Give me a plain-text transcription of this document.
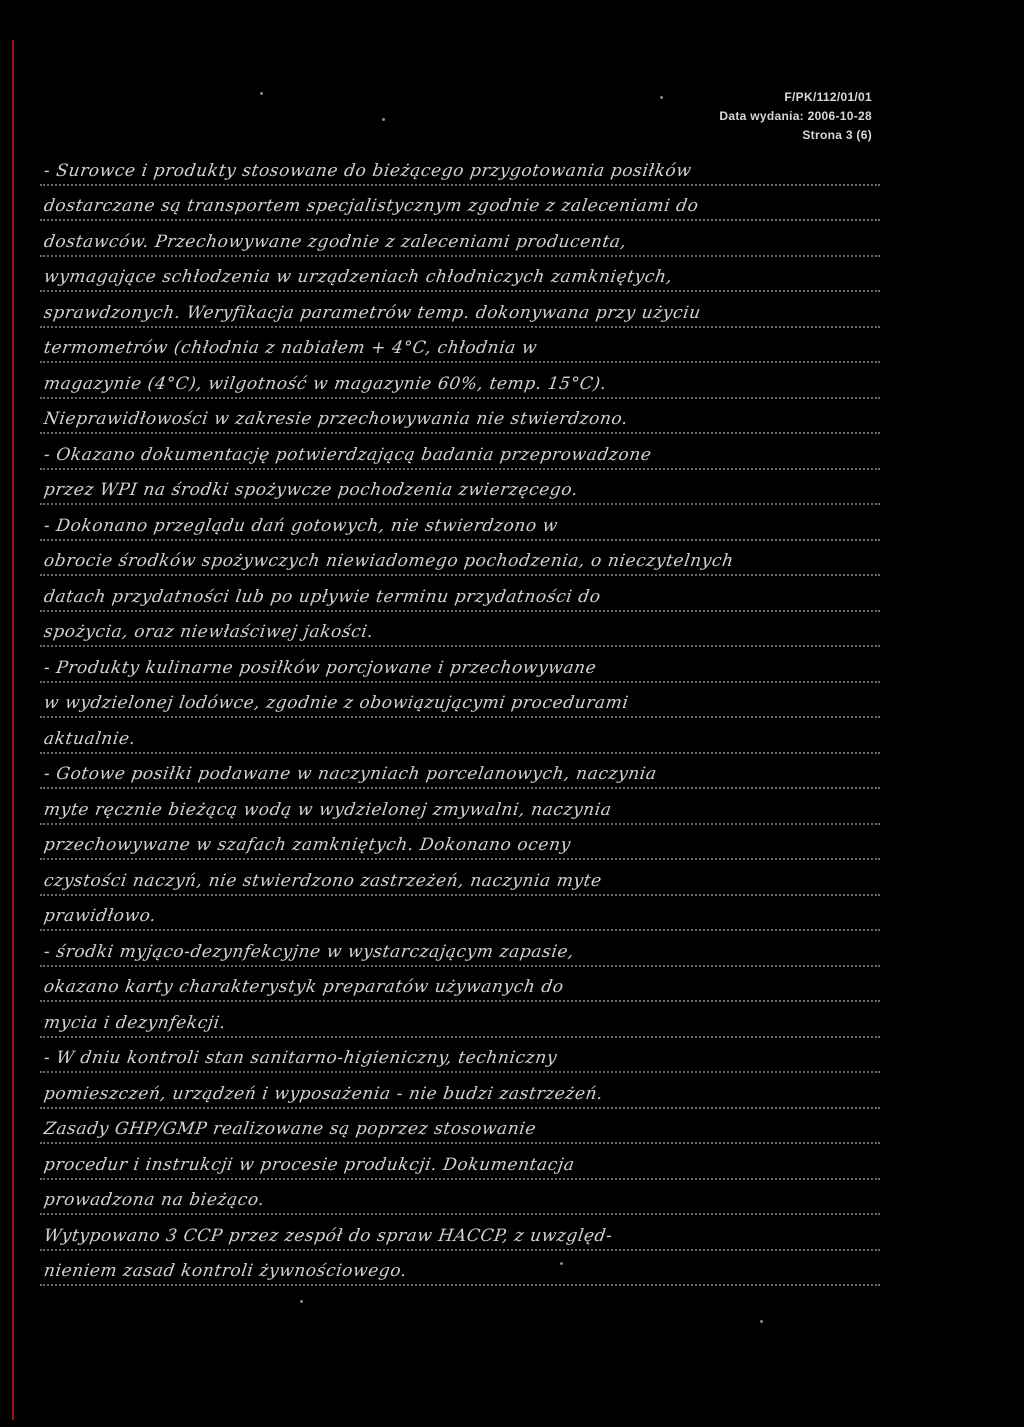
F/PK/112/01/01
Data wydania: 2006-10-28
Strona 3 (6)
- Surowce i produkty stosowane do bieżącego przygotowania posiłków
dostarczane są transportem specjalistycznym zgodnie z zaleceniami do
dostawców. Przechowywane zgodnie z zaleceniami producenta,
wymagające schłodzenia w urządzeniach chłodniczych zamkniętych,
sprawdzonych. Weryfikacja parametrów temp. dokonywana przy użyciu
termometrów (chłodnia z nabiałem + 4°C, chłodnia w
magazynie (4°C), wilgotność w magazynie 60%, temp. 15°C).
Nieprawidłowości w zakresie przechowywania nie stwierdzono.
- Okazano dokumentację potwierdzającą badania przeprowadzone
przez WPI na środki spożywcze pochodzenia zwierzęcego.
- Dokonano przeglądu dań gotowych, nie stwierdzono w
obrocie środków spożywczych niewiadomego pochodzenia, o nieczytelnych
datach przydatności lub po upływie terminu przydatności do
spożycia, oraz niewłaściwej jakości.
- Produkty kulinarne posiłków porcjowane i przechowywane
w wydzielonej lodówce, zgodnie z obowiązującymi procedurami
aktualnie.
- Gotowe posiłki podawane w naczyniach porcelanowych, naczynia
myte ręcznie bieżącą wodą w wydzielonej zmywalni, naczynia
przechowywane w szafach zamkniętych. Dokonano oceny
czystości naczyń, nie stwierdzono zastrzeżeń, naczynia myte
prawidłowo.
- środki myjąco-dezynfekcyjne w wystarczającym zapasie,
okazano karty charakterystyk preparatów używanych do
mycia i dezynfekcji.
- W dniu kontroli stan sanitarno-higieniczny, techniczny
pomieszczeń, urządzeń i wyposażenia - nie budzi zastrzeżeń.
Zasady GHP/GMP realizowane są poprzez stosowanie
procedur i instrukcji w procesie produkcji. Dokumentacja
prowadzona na bieżąco.
Wytypowano 3 CCP przez zespół do spraw HACCP, z uwzględ-
nieniem zasad kontroli żywnościowego.
